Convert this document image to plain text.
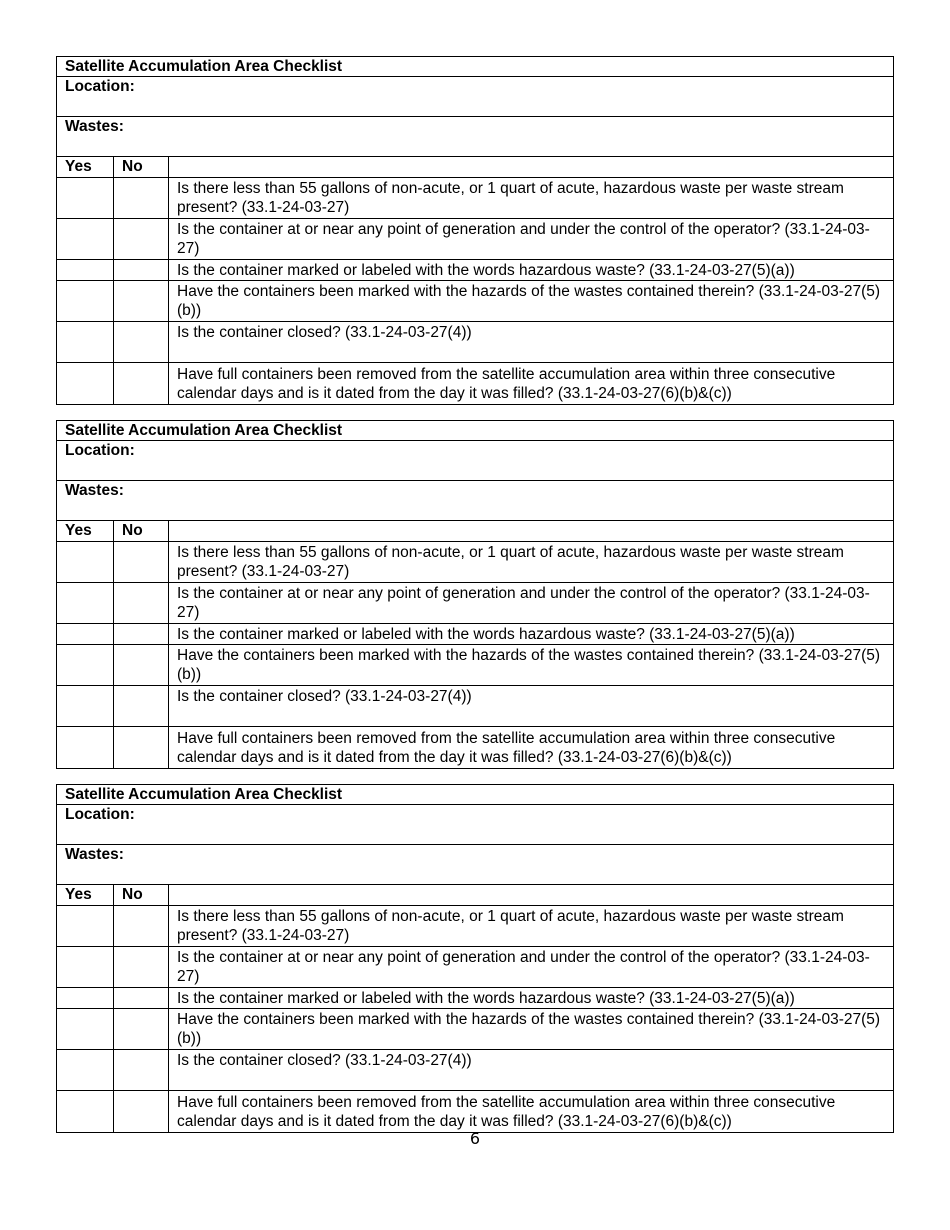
Satellite Accumulation Area Checklist		
Location:		
Wastes:		
Yes	No	
		Is there less than 55 gallons of non-acute, or 1 quart of acute, hazardous waste per waste stream present? (33.1-24-03-27)
		Is the container at or near any point of generation and under the control of the operator? (33.1-24-03-27)
		Is the container marked or labeled with the words hazardous waste? (33.1-24-03-27(5)(a))
		Have the containers been marked with the hazards of the wastes contained therein? (33.1-24-03-27(5)(b))
		Is the container closed? (33.1-24-03-27(4))
		Have full containers been removed from the satellite accumulation area within three consecutive calendar days and is it dated from the day it was filled? (33.1-24-03-27(6)(b)&(c))
Satellite Accumulation Area Checklist		
Location:		
Wastes:		
Yes	No	
		Is there less than 55 gallons of non-acute, or 1 quart of acute, hazardous waste per waste stream present? (33.1-24-03-27)
		Is the container at or near any point of generation and under the control of the operator? (33.1-24-03-27)
		Is the container marked or labeled with the words hazardous waste? (33.1-24-03-27(5)(a))
		Have the containers been marked with the hazards of the wastes contained therein? (33.1-24-03-27(5)(b))
		Is the container closed? (33.1-24-03-27(4))
		Have full containers been removed from the satellite accumulation area within three consecutive calendar days and is it dated from the day it was filled? (33.1-24-03-27(6)(b)&(c))
Satellite Accumulation Area Checklist		
Location:		
Wastes:		
Yes	No	
		Is there less than 55 gallons of non-acute, or 1 quart of acute, hazardous waste per waste stream present? (33.1-24-03-27)
		Is the container at or near any point of generation and under the control of the operator? (33.1-24-03-27)
		Is the container marked or labeled with the words hazardous waste? (33.1-24-03-27(5)(a))
		Have the containers been marked with the hazards of the wastes contained therein? (33.1-24-03-27(5)(b))
		Is the container closed? (33.1-24-03-27(4))
		Have full containers been removed from the satellite accumulation area within three consecutive calendar days and is it dated from the day it was filled? (33.1-24-03-27(6)(b)&(c))
6
